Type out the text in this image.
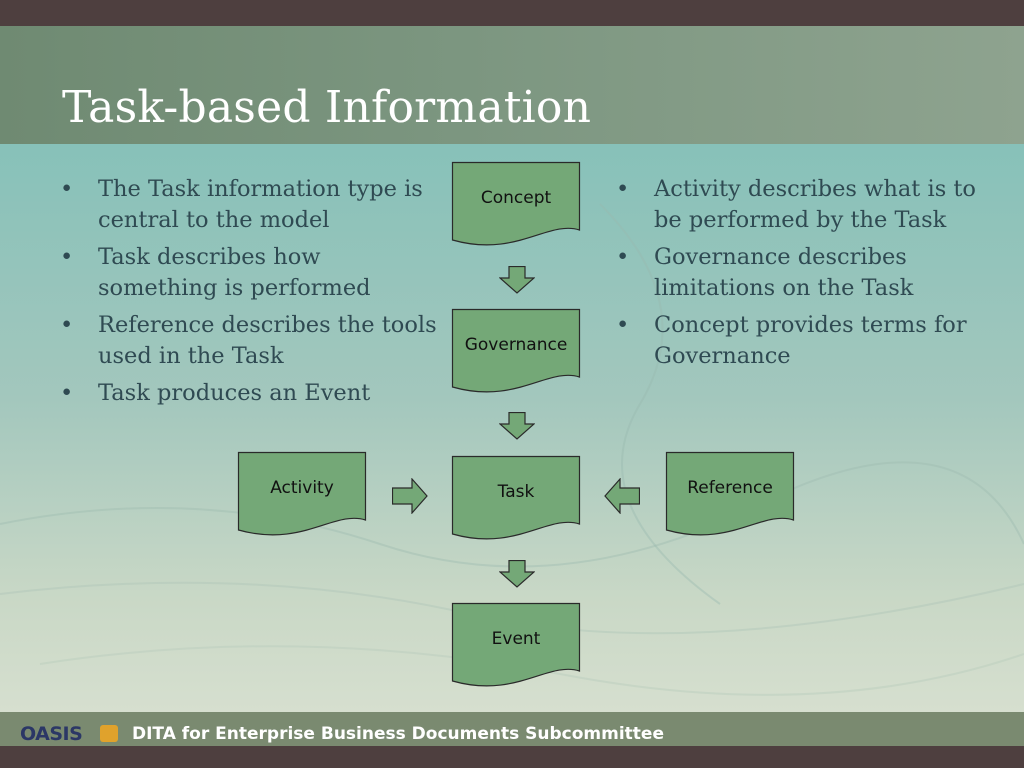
Task-based Information
• The Task information type is central to the model
• Task describes how something is performed
• Reference describes the tools used in the Task
• Task produces an Event
• Activity describes what is to be performed by the Task
• Governance describes limitations on the Task
• Concept provides terms for Governance
Concept
Governance
Activity	Task	Reference
Event
OASIS	DITA for Enterprise Business Documents Subcommittee
